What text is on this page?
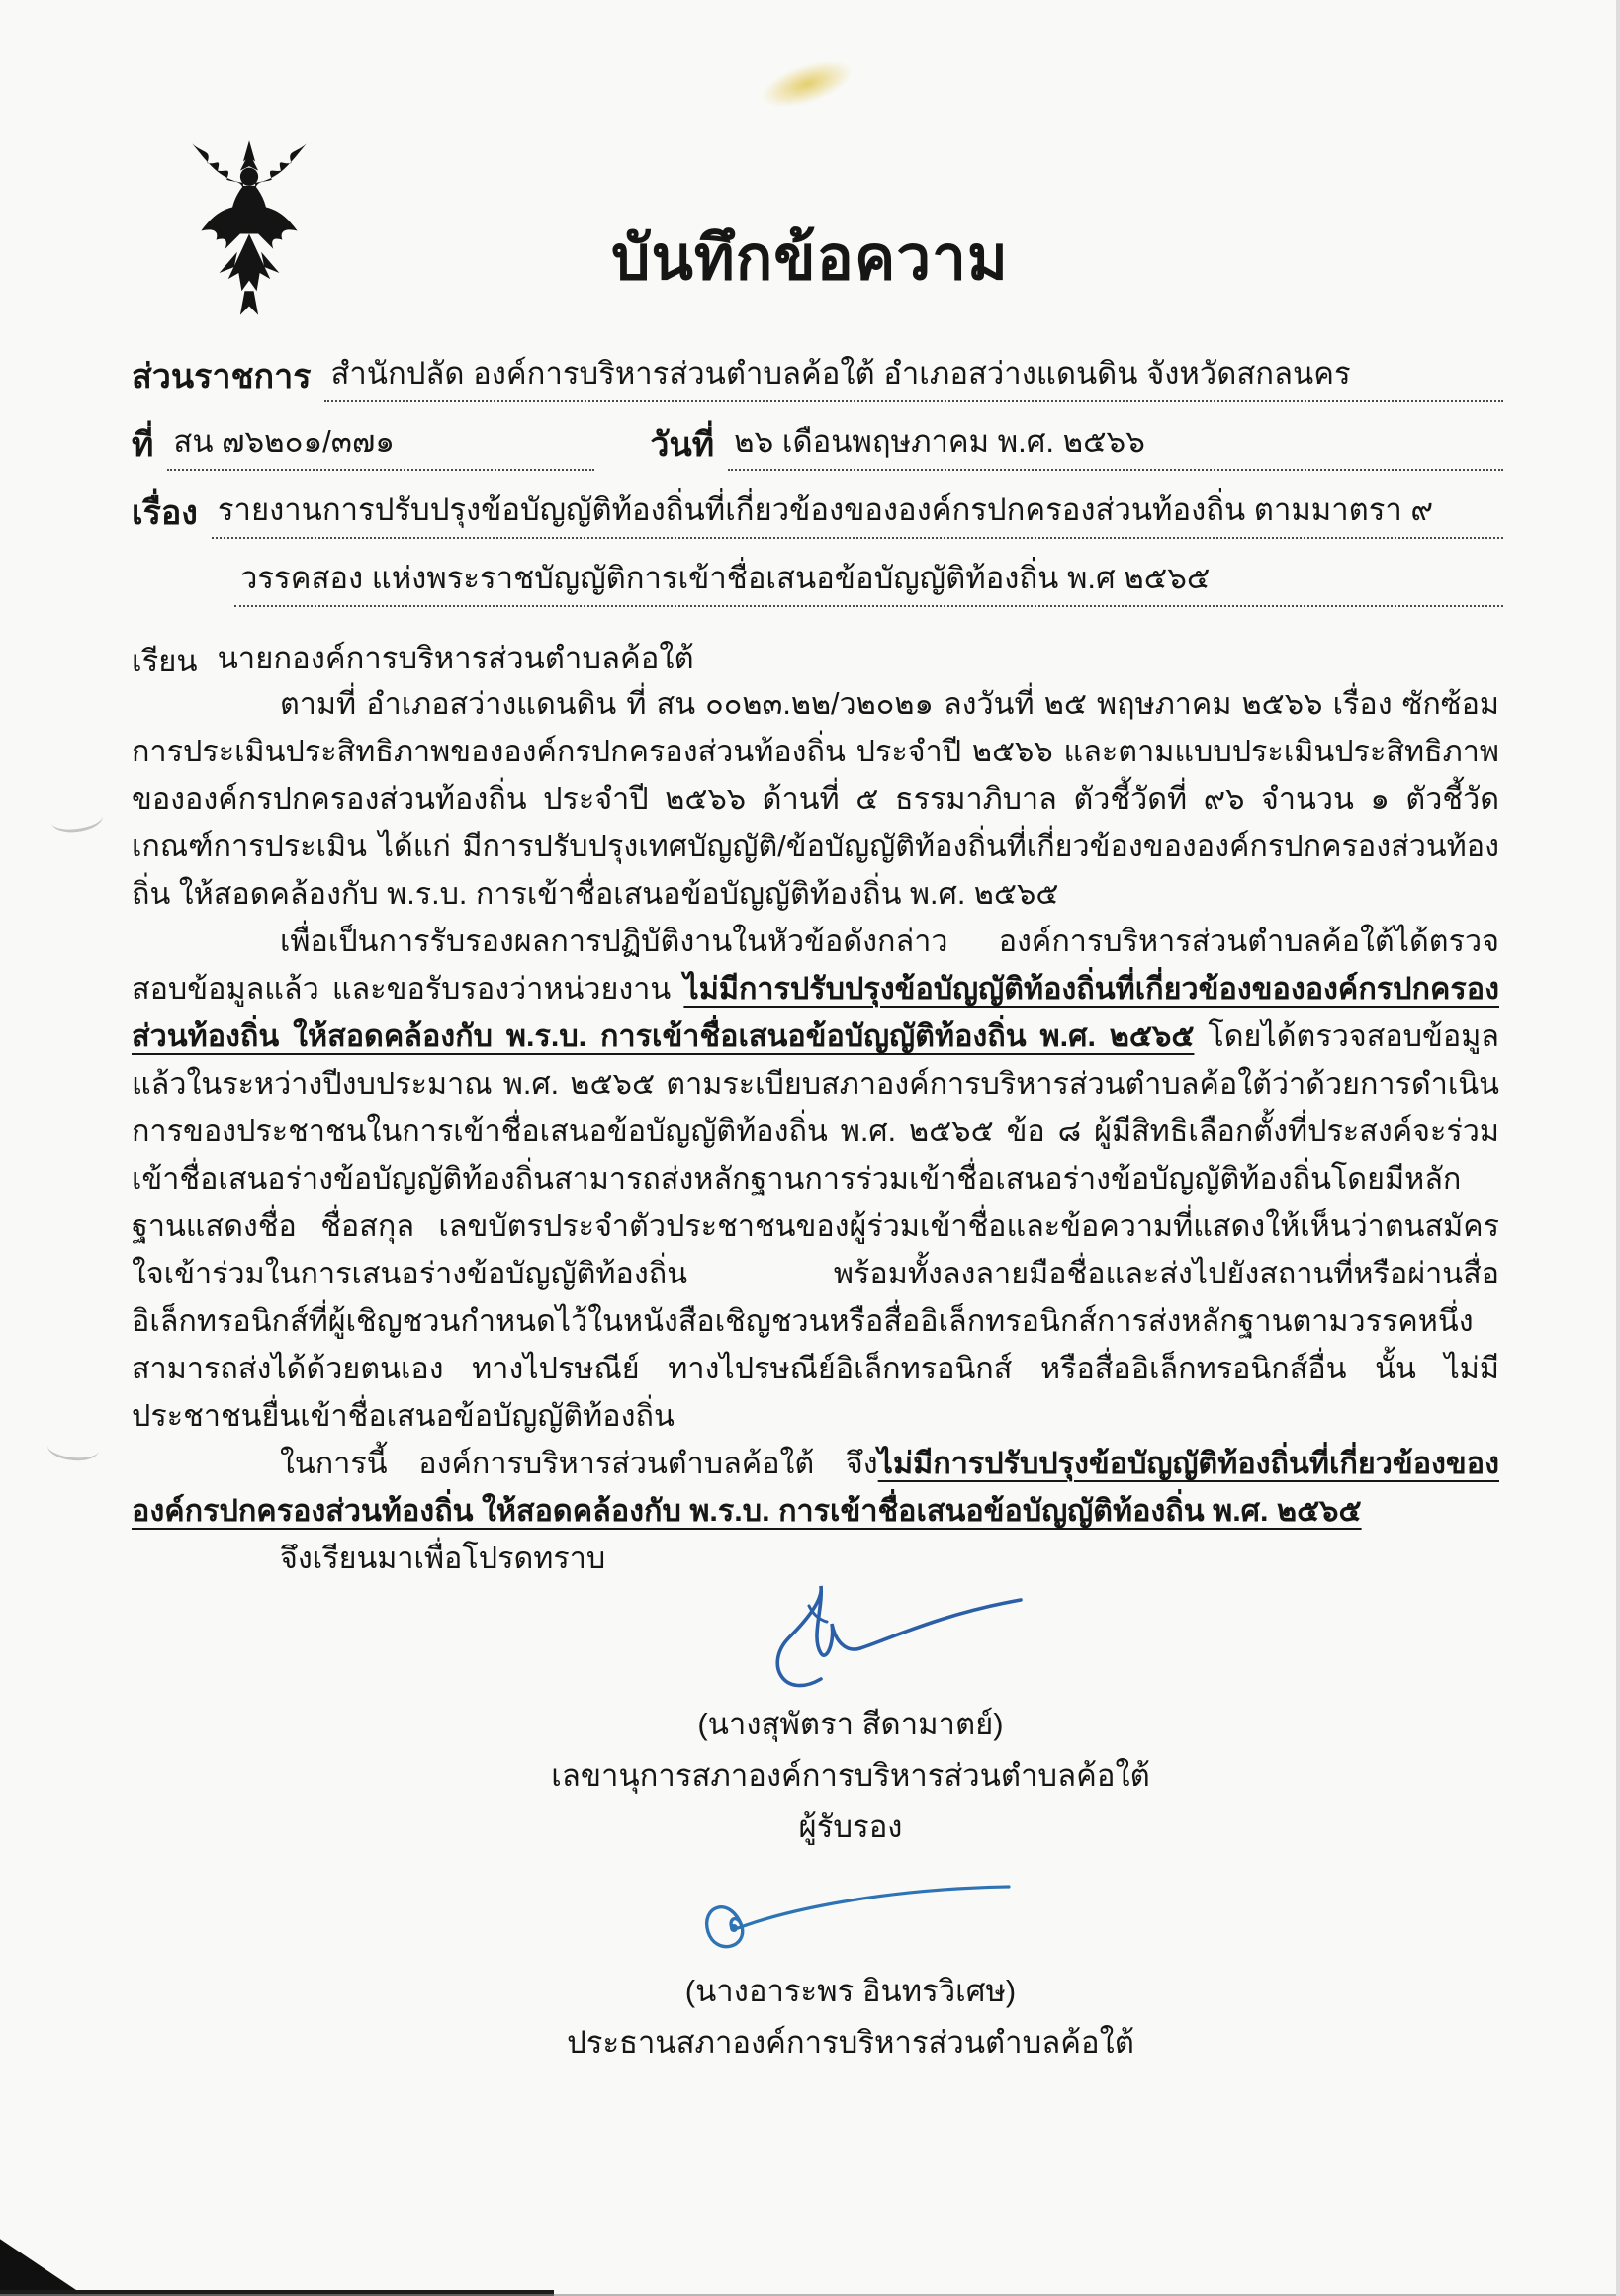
บันทึกข้อความ
ส่วนราชการ สำนักปลัด องค์การบริหารส่วนตำบลค้อใต้ อำเภอสว่างแดนดิน จังหวัดสกลนคร
ที่ สน ๗๖๒๐๑/๓๗๑	วันที่ ๒๖ เดือนพฤษภาคม พ.ศ. ๒๕๖๖
เรื่อง รายงานการปรับปรุงข้อบัญญัติท้องถิ่นที่เกี่ยวข้องขององค์กรปกครองส่วนท้องถิ่น ตามมาตรา ๙
วรรคสอง แห่งพระราชบัญญัติการเข้าชื่อเสนอข้อบัญญัติท้องถิ่น พ.ศ ๒๕๖๕
เรียน นายกองค์การบริหารส่วนตำบลค้อใต้

ตามที่ อำเภอสว่างแดนดิน ที่ สน ๐๐๒๓.๒๒/ว๒๐๒๑ ลงวันที่ ๒๕ พฤษภาคม ๒๕๖๖ เรื่อง ซักซ้อมการประเมินประสิทธิภาพขององค์กรปกครองส่วนท้องถิ่น ประจำปี ๒๕๖๖ และตามแบบประเมินประสิทธิภาพขององค์กรปกครองส่วนท้องถิ่น ประจำปี ๒๕๖๖ ด้านที่ ๕ ธรรมาภิบาล ตัวชี้วัดที่ ๙๖ จำนวน ๑ ตัวชี้วัด เกณฑ์การประเมิน ได้แก่ มีการปรับปรุงเทศบัญญัติ/ข้อบัญญัติท้องถิ่นที่เกี่ยวข้องขององค์กรปกครองส่วนท้องถิ่น ให้สอดคล้องกับ พ.ร.บ. การเข้าชื่อเสนอข้อบัญญัติท้องถิ่น พ.ศ. ๒๕๖๕

เพื่อเป็นการรับรองผลการปฏิบัติงานในหัวข้อดังกล่าว องค์การบริหารส่วนตำบลค้อใต้ได้ตรวจสอบข้อมูลแล้ว และขอรับรองว่าหน่วยงาน ไม่มีการปรับปรุงข้อบัญญัติท้องถิ่นที่เกี่ยวข้องขององค์กรปกครองส่วนท้องถิ่น ให้สอดคล้องกับ พ.ร.บ. การเข้าชื่อเสนอข้อบัญญัติท้องถิ่น พ.ศ. ๒๕๖๕ โดยได้ตรวจสอบข้อมูลแล้วในระหว่างปีงบประมาณ พ.ศ. ๒๕๖๕ ตามระเบียบสภาองค์การบริหารส่วนตำบลค้อใต้ว่าด้วยการดำเนินการของประชาชนในการเข้าชื่อเสนอข้อบัญญัติท้องถิ่น พ.ศ. ๒๕๖๕ ข้อ ๘ ผู้มีสิทธิเลือกตั้งที่ประสงค์จะร่วมเข้าชื่อเสนอร่างข้อบัญญัติท้องถิ่นสามารถส่งหลักฐานการร่วมเข้าชื่อเสนอร่างข้อบัญญัติท้องถิ่นโดยมีหลักฐานแสดงชื่อ ชื่อสกุล เลขบัตรประจำตัวประชาชนของผู้ร่วมเข้าชื่อและข้อความที่แสดงให้เห็นว่าตนสมัครใจเข้าร่วมในการเสนอร่างข้อบัญญัติท้องถิ่น พร้อมทั้งลงลายมือชื่อและส่งไปยังสถานที่หรือผ่านสื่ออิเล็กทรอนิกส์ที่ผู้เชิญชวนกำหนดไว้ในหนังสือเชิญชวนหรือสื่ออิเล็กทรอนิกส์การส่งหลักฐานตามวรรคหนึ่งสามารถส่งได้ด้วยตนเอง ทางไปรษณีย์ ทางไปรษณีย์อิเล็กทรอนิกส์ หรือสื่ออิเล็กทรอนิกส์อื่น นั้น ไม่มีประชาชนยื่นเข้าชื่อเสนอข้อบัญญัติท้องถิ่น

ในการนี้ องค์การบริหารส่วนตำบลค้อใต้ จึงไม่มีการปรับปรุงข้อบัญญัติท้องถิ่นที่เกี่ยวข้องขององค์กรปกครองส่วนท้องถิ่น ให้สอดคล้องกับ พ.ร.บ. การเข้าชื่อเสนอข้อบัญญัติท้องถิ่น พ.ศ. ๒๕๖๕

จึงเรียนมาเพื่อโปรดทราบ

(นางสุพัตรา สีดามาตย์)
เลขานุการสภาองค์การบริหารส่วนตำบลค้อใต้
ผู้รับรอง
(นางอาระพร อินทรวิเศษ)
ประธานสภาองค์การบริหารส่วนตำบลค้อใต้
